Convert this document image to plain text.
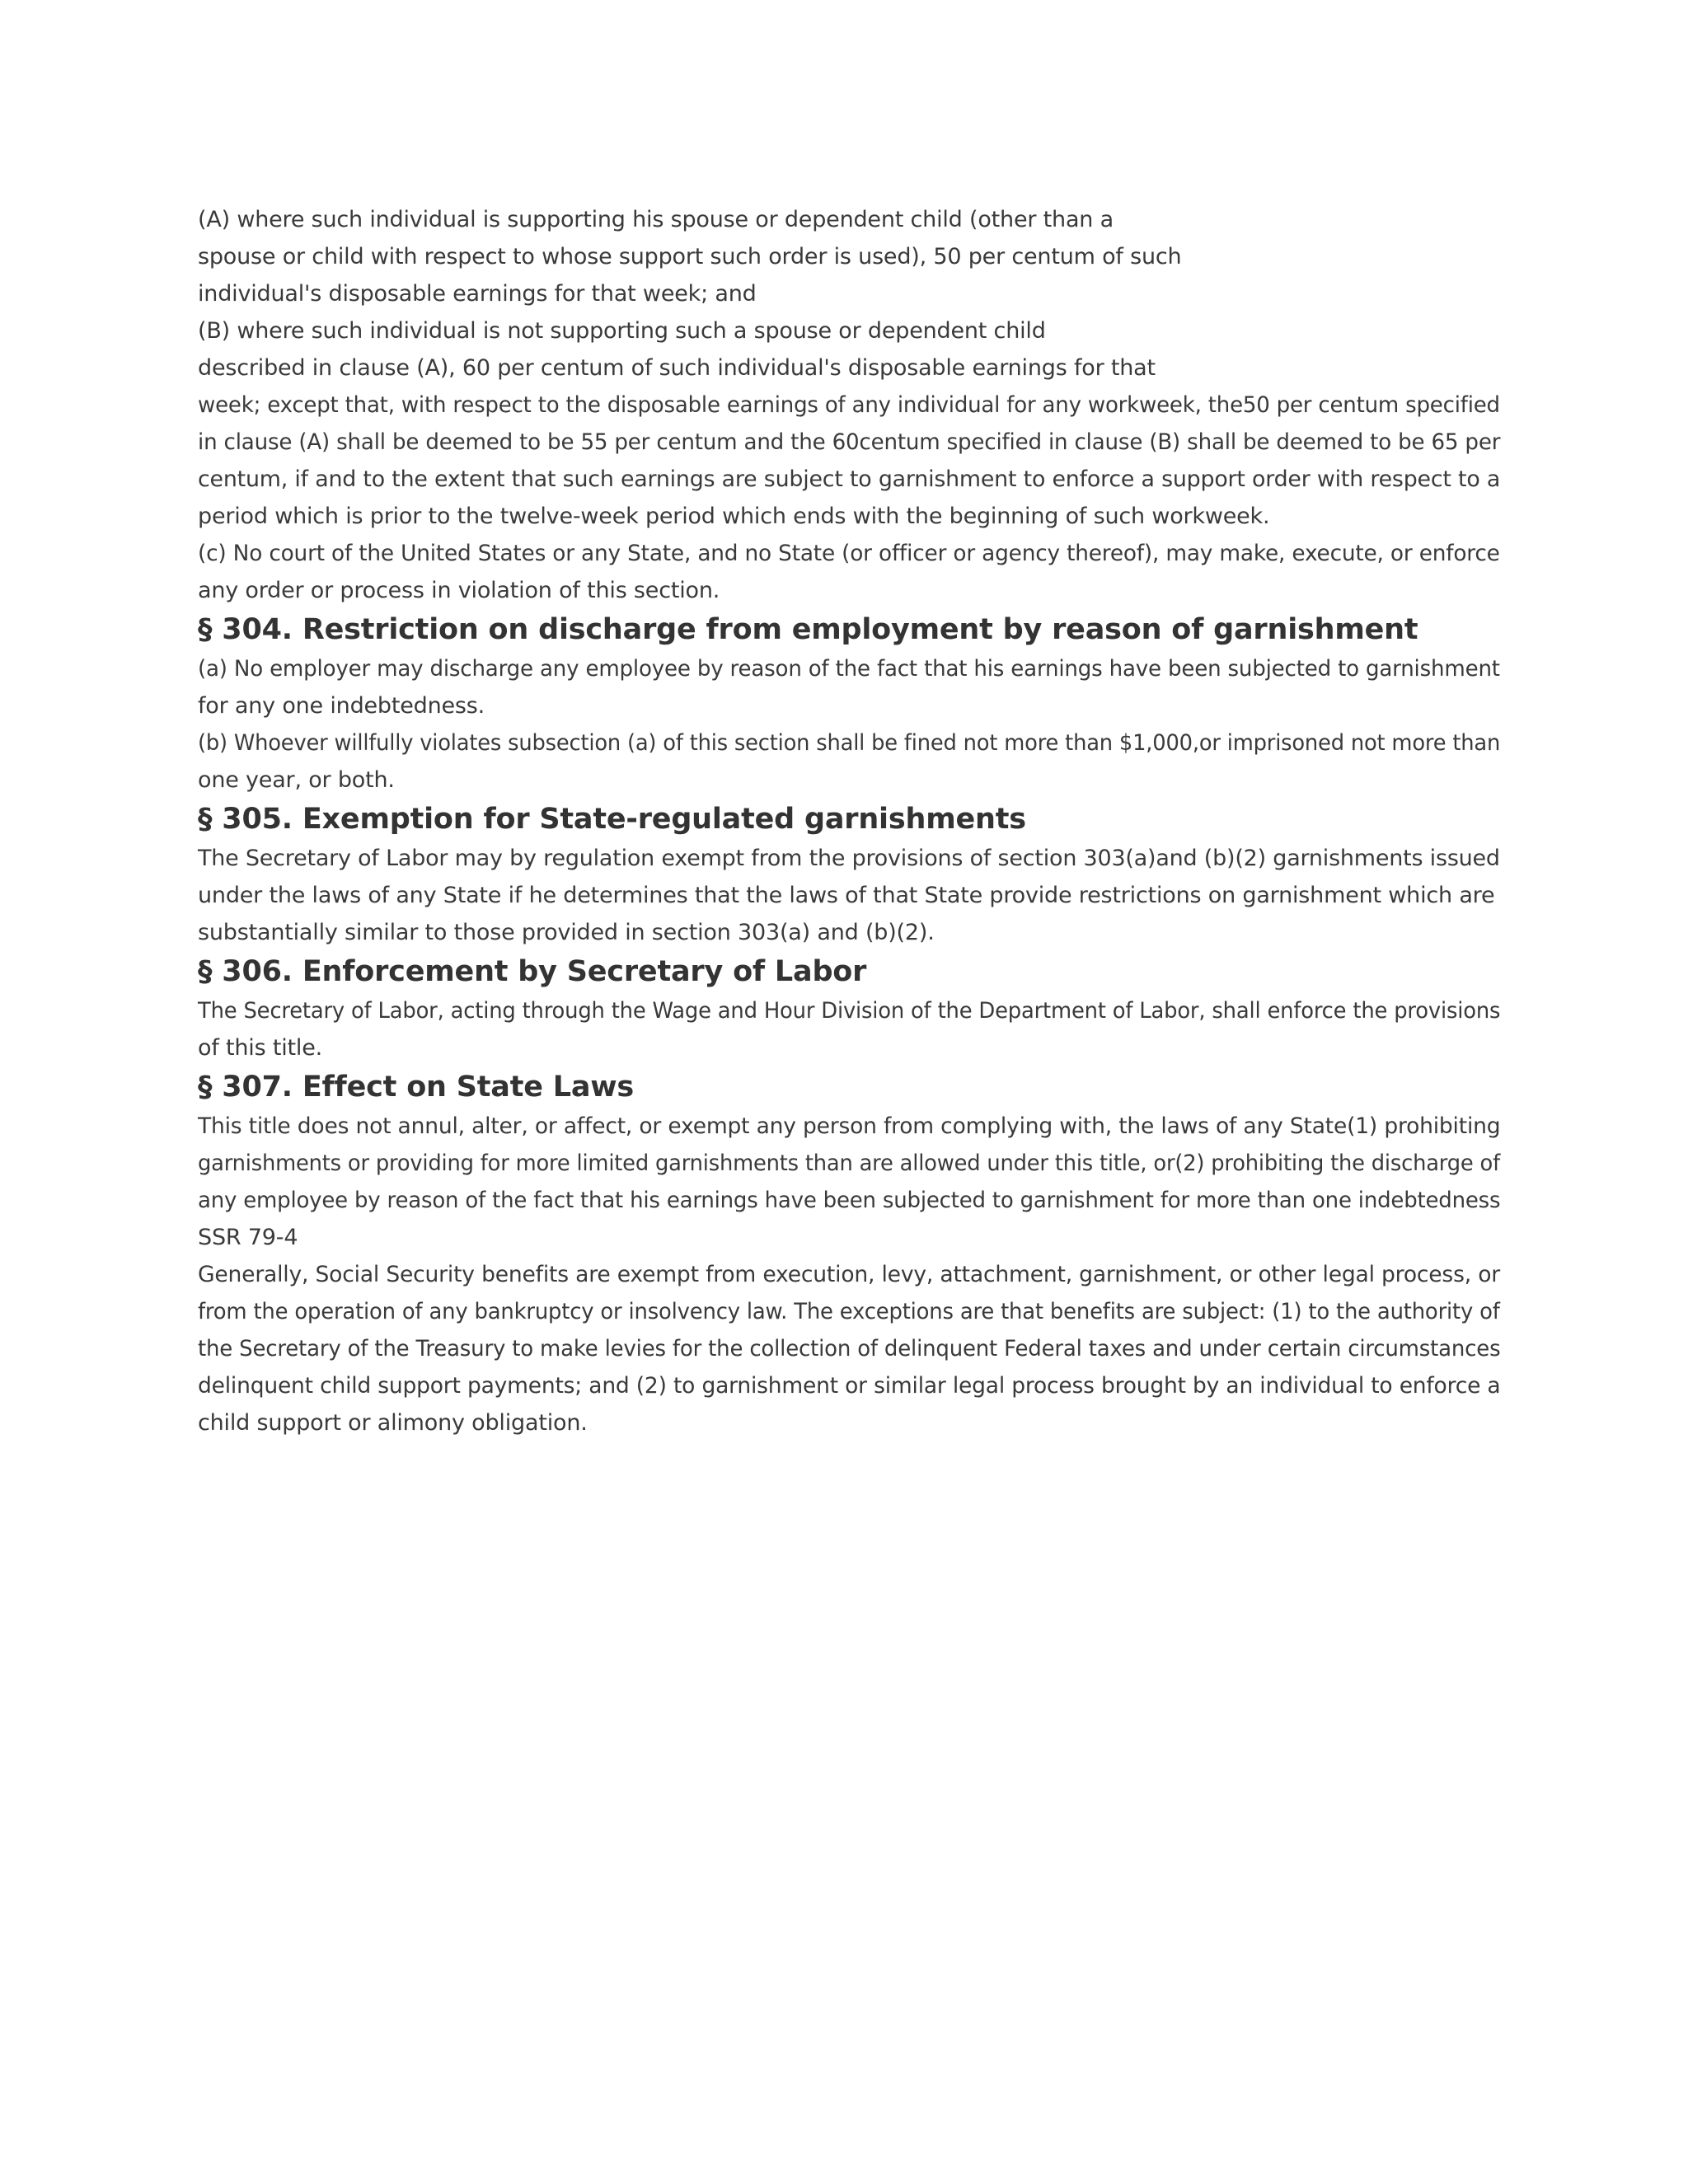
(A) where such individual is supporting his spouse or dependent child (other than a
spouse or child with respect to whose support such order is used), 50 per centum of such
individual's disposable earnings for that week; and
(B) where such individual is not supporting such a spouse or dependent child
described in clause (A), 60 per centum of such individual's disposable earnings for that
week; except that, with respect to the disposable earnings of any individual for any workweek, the50 per centum specified
in clause (A) shall be deemed to be 55 per centum and the 60centum specified in clause (B) shall be deemed to be 65 per
centum, if and to the extent that such earnings are subject to garnishment to enforce a support order with respect to a
period which is prior to the twelve-week period which ends with the beginning of such workweek.
(c) No court of the United States or any State, and no State (or officer or agency thereof), may make, execute, or enforce
any order or process in violation of this section.
§ 304. Restriction on discharge from employment by reason of garnishment
(a) No employer may discharge any employee by reason of the fact that his earnings have been subjected to garnishment
for any one indebtedness.
(b) Whoever willfully violates subsection (a) of this section shall be fined not more than $1,000,or imprisoned not more than
one year, or both.
§ 305. Exemption for State-regulated garnishments
The Secretary of Labor may by regulation exempt from the provisions of section 303(a)and (b)(2) garnishments issued
under the laws of any State if he determines that the laws of that State provide restrictions on garnishment which are
substantially similar to those provided in section 303(a) and (b)(2).
§ 306. Enforcement by Secretary of Labor
The Secretary of Labor, acting through the Wage and Hour Division of the Department of Labor, shall enforce the provisions
of this title.
§ 307. Effect on State Laws
This title does not annul, alter, or affect, or exempt any person from complying with, the laws of any State(1) prohibiting
garnishments or providing for more limited garnishments than are allowed under this title, or(2) prohibiting the discharge of
any employee by reason of the fact that his earnings have been subjected to garnishment for more than one indebtedness
SSR 79-4
Generally, Social Security benefits are exempt from execution, levy, attachment, garnishment, or other legal process, or
from the operation of any bankruptcy or insolvency law. The exceptions are that benefits are subject: (1) to the authority of
the Secretary of the Treasury to make levies for the collection of delinquent Federal taxes and under certain circumstances
delinquent child support payments; and (2) to garnishment or similar legal process brought by an individual to enforce a
child support or alimony obligation.
